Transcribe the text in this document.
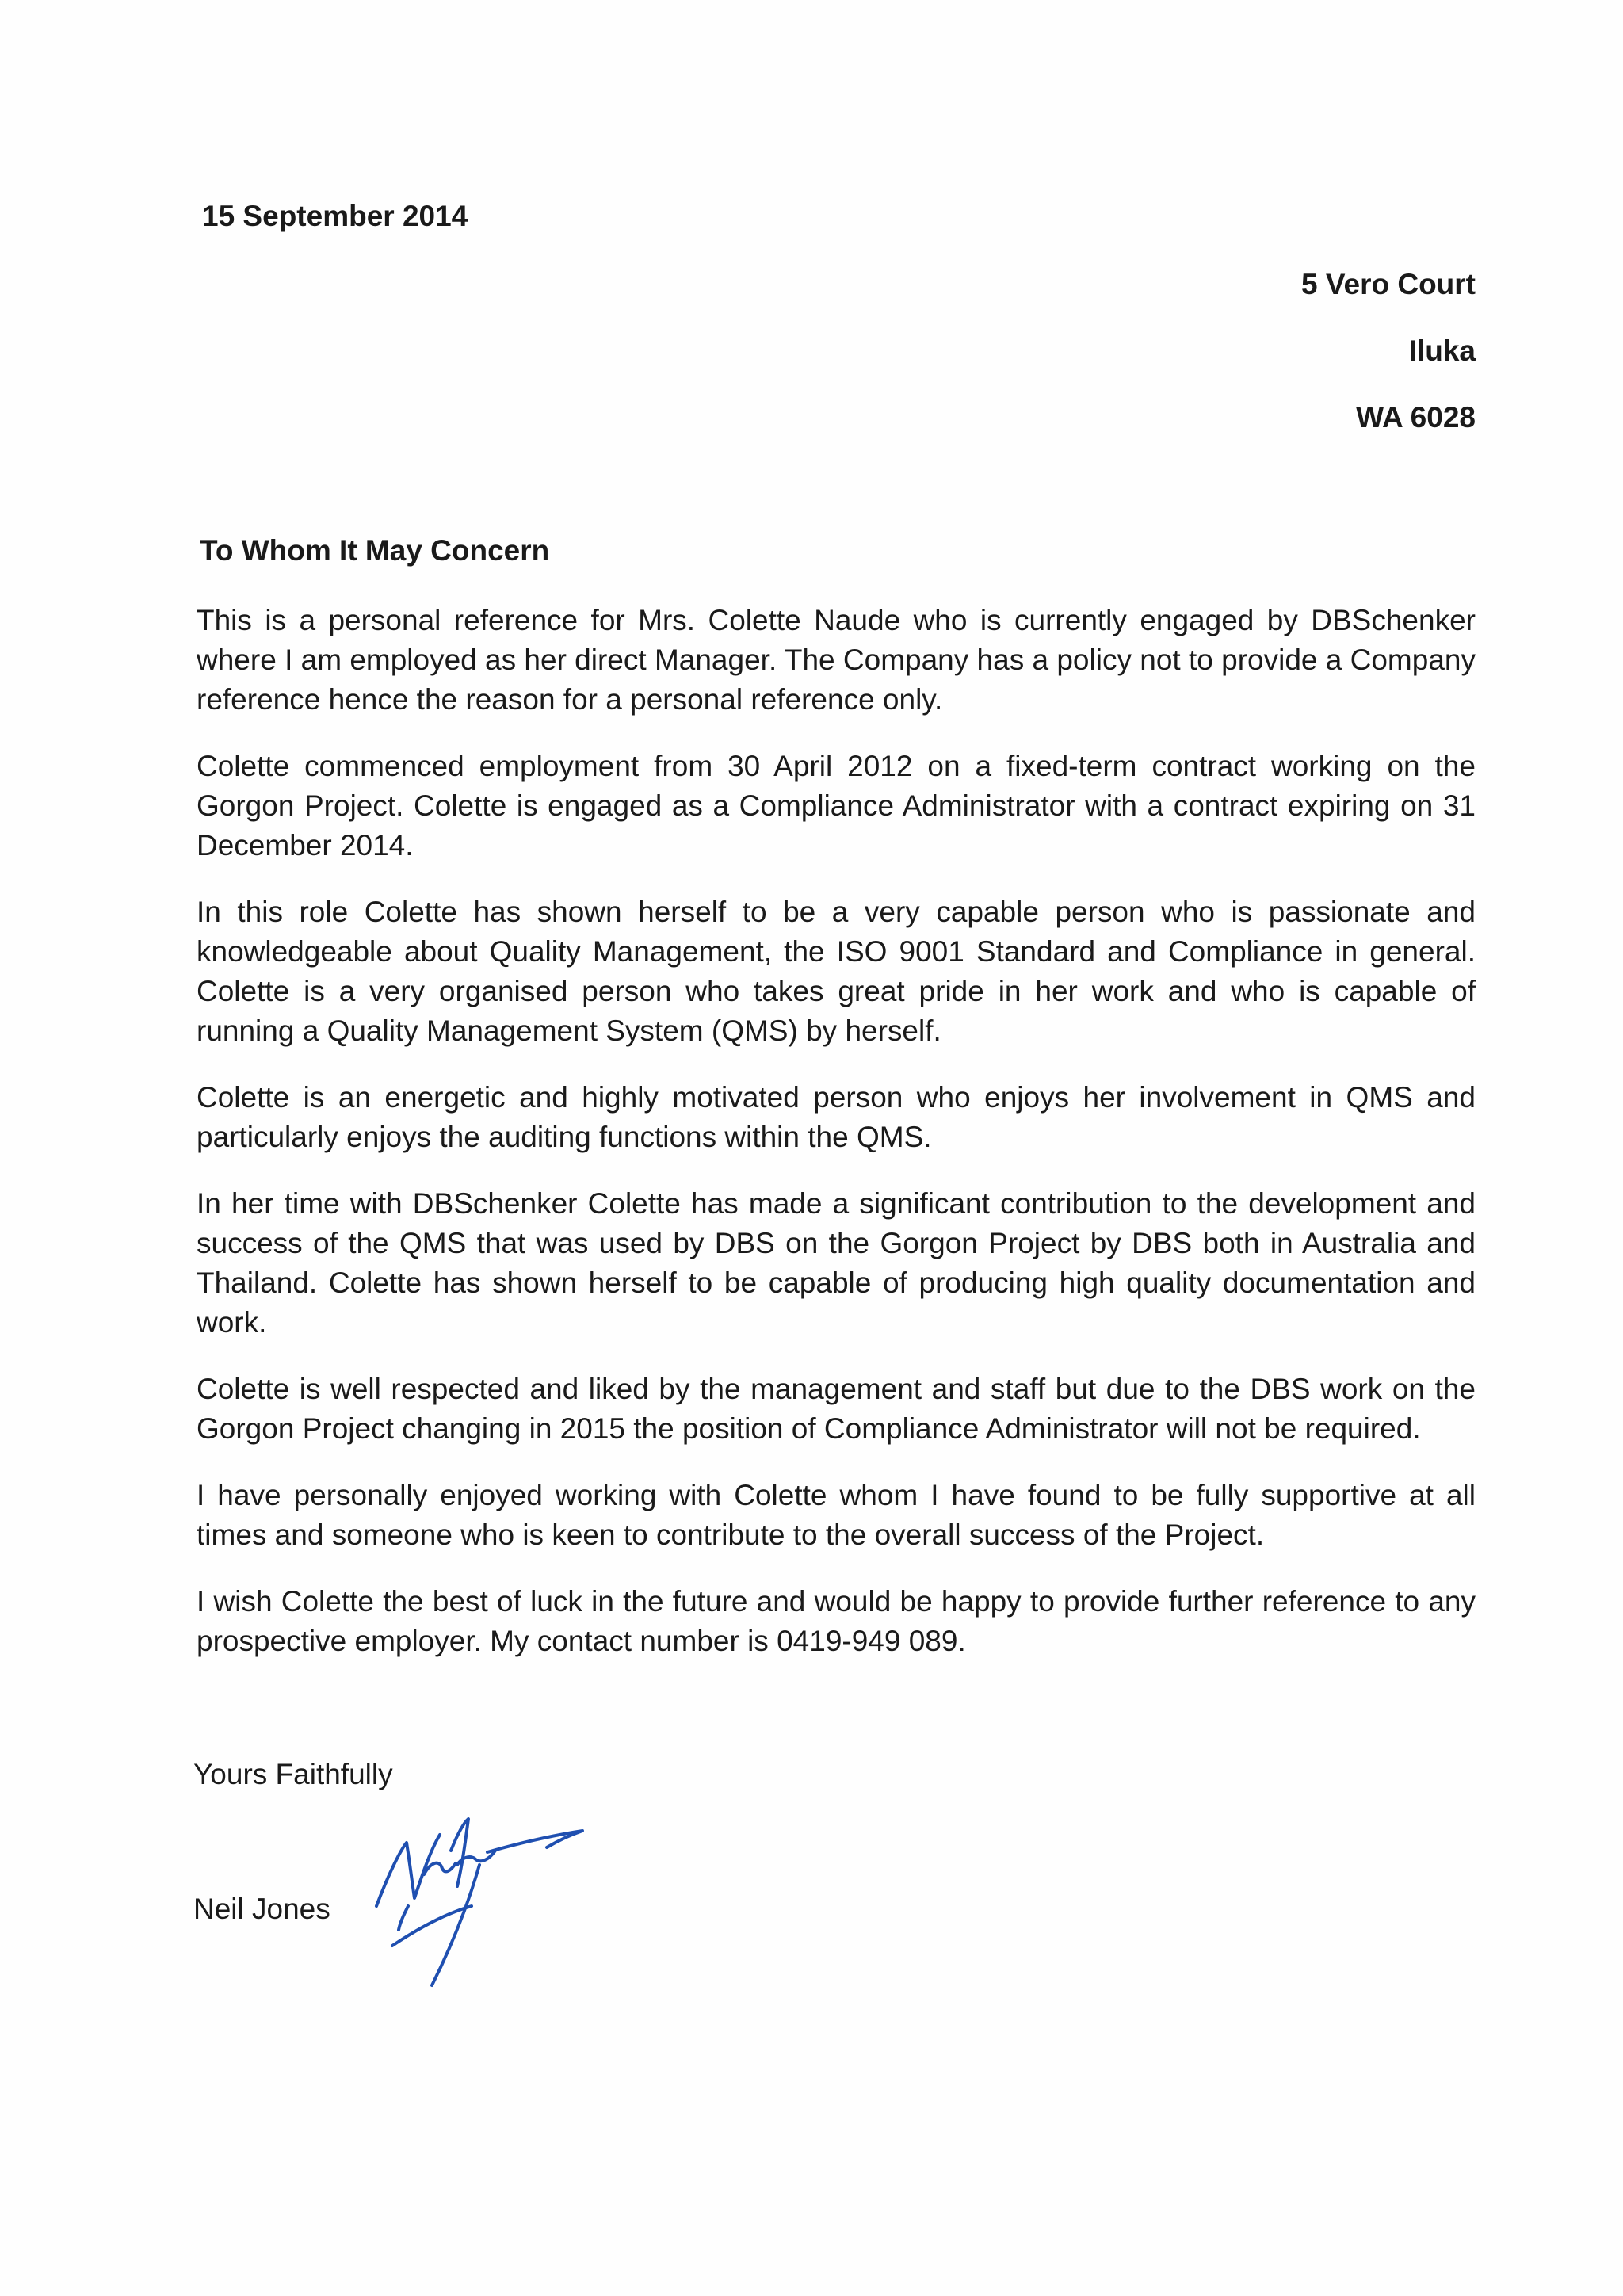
15 September 2014

5 Vero Court
Iluka
WA 6028

To Whom It May Concern

This is a personal reference for Mrs. Colette Naude who is currently engaged by DBSchenker where I am employed as her direct Manager. The Company has a policy not to provide a Company reference hence the reason for a personal reference only.

Colette commenced employment from 30 April 2012 on a fixed-term contract working on the Gorgon Project. Colette is engaged as a Compliance Administrator with a contract expiring on 31 December 2014.

In this role Colette has shown herself to be a very capable person who is passionate and knowledgeable about Quality Management, the ISO 9001 Standard and Compliance in general. Colette is a very organised person who takes great pride in her work and who is capable of running a Quality Management System (QMS) by herself.

Colette is an energetic and highly motivated person who enjoys her involvement in QMS and particularly enjoys the auditing functions within the QMS.

In her time with DBSchenker Colette has made a significant contribution to the development and success of the QMS that was used by DBS on the Gorgon Project by DBS both in Australia and Thailand. Colette has shown herself to be capable of producing high quality documentation and work.

Colette is well respected and liked by the management and staff but due to the DBS work on the Gorgon Project changing in 2015 the position of Compliance Administrator will not be required.

I have personally enjoyed working with Colette whom I have found to be fully supportive at all times and someone who is keen to contribute to the overall success of the Project.

I wish Colette the best of luck in the future and would be happy to provide further reference to any prospective employer. My contact number is 0419-949 089.

Yours Faithfully

Neil Jones
